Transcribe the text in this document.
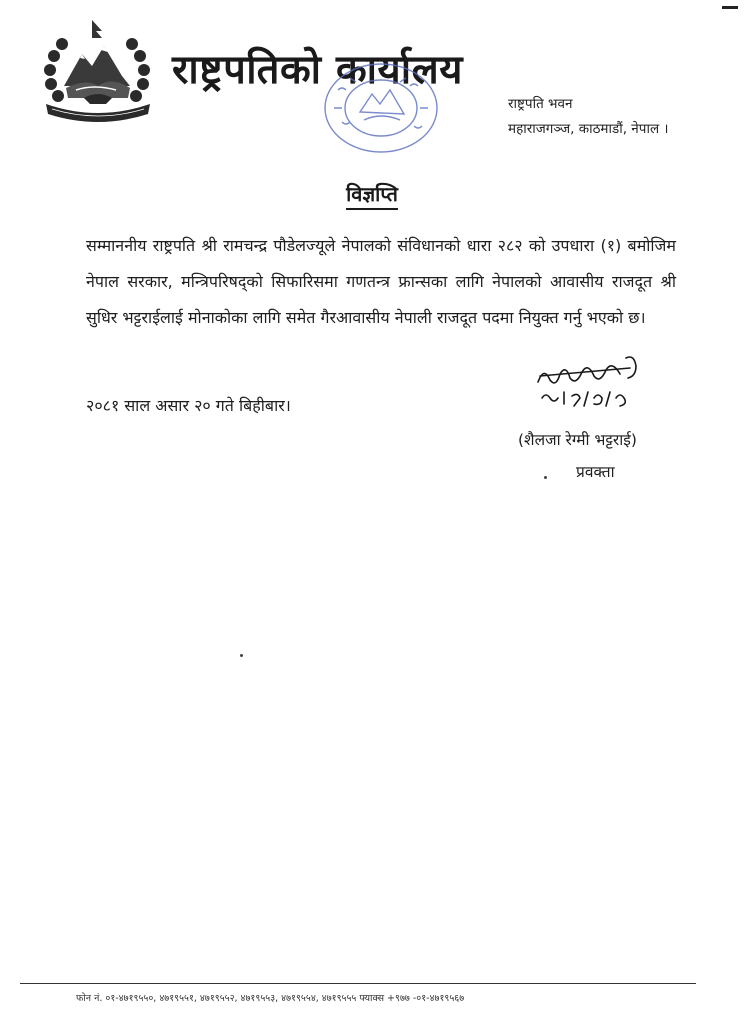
राष्ट्रपतिको कार्यालय
राष्ट्रपति भवन
महाराजगञ्ज, काठमाडौं, नेपाल ।
विज्ञप्ति
सम्माननीय राष्ट्रपति श्री रामचन्द्र पौडेलज्यूले नेपालको संविधानको धारा २८२ को उपधारा (१) बमोजिम नेपाल सरकार, मन्त्रिपरिषद्को सिफारिसमा गणतन्त्र फ्रान्सका लागि नेपालको आवासीय राजदूत श्री सुधिर भट्टराईलाई मोनाकोका लागि समेत गैरआवासीय नेपाली राजदूत पदमा नियुक्त गर्नु भएको छ।
२०८१ साल असार २० गते बिहीबार।
(शैलजा रेग्मी भट्टराई)
प्रवक्ता
फोन नं. ०१-४७१९५५०, ४७१९५५१, ४७१९५५२, ४७१९५५३, ४७१९५५४, ४७१९५५५ फ्याक्स +९७७ -०१-४७१९५६७
